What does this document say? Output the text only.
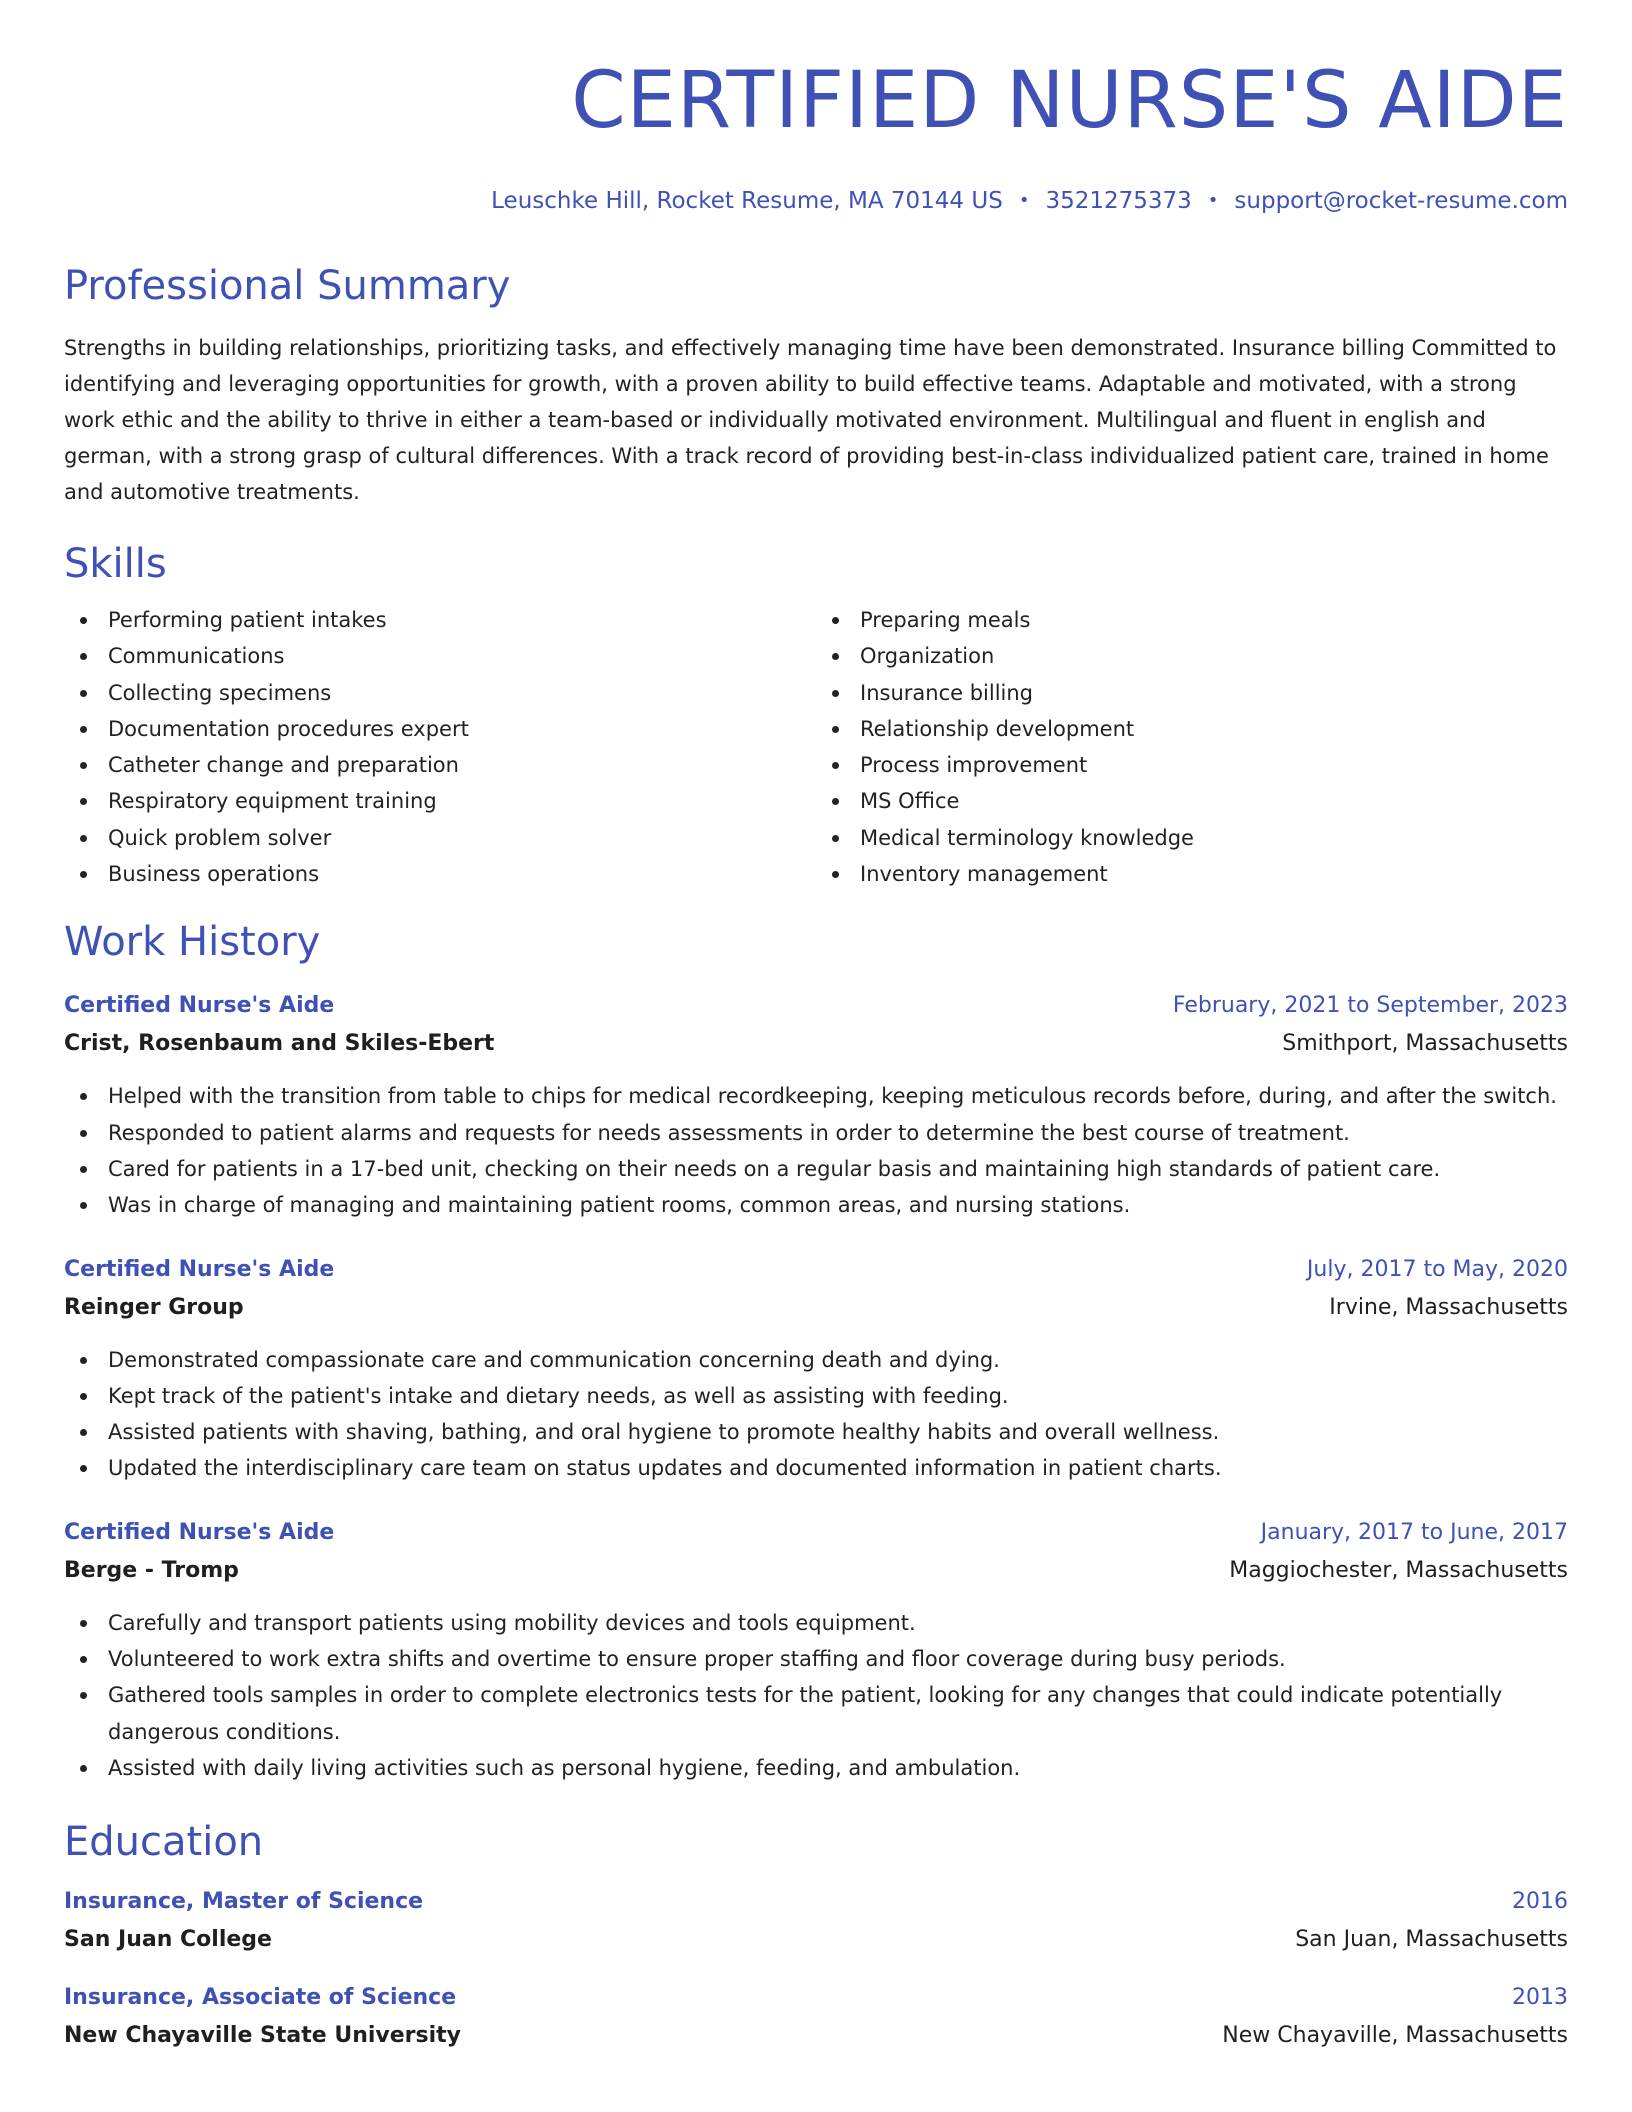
CERTIFIED NURSE'S AIDE
Leuschke Hill, Rocket Resume, MA 70144 US • 3521275373 • support@rocket-resume.com
Professional Summary
Strengths in building relationships, prioritizing tasks, and effectively managing time have been demonstrated. Insurance billing Committed to identifying and leveraging opportunities for growth, with a proven ability to build effective teams. Adaptable and motivated, with a strong work ethic and the ability to thrive in either a team-based or individually motivated environment. Multilingual and fluent in english and german, with a strong grasp of cultural differences. With a track record of providing best-in-class individualized patient care, trained in home and automotive treatments.
Skills
Performing patient intakes
Communications
Collecting specimens
Documentation procedures expert
Catheter change and preparation
Respiratory equipment training
Quick problem solver
Business operations
Preparing meals
Organization
Insurance billing
Relationship development
Process improvement
MS Office
Medical terminology knowledge
Inventory management
Work History
Certified Nurse's Aide	February, 2021 to September, 2023
Crist, Rosenbaum and Skiles-Ebert	Smithport, Massachusetts
Helped with the transition from table to chips for medical recordkeeping, keeping meticulous records before, during, and after the switch.
Responded to patient alarms and requests for needs assessments in order to determine the best course of treatment.
Cared for patients in a 17-bed unit, checking on their needs on a regular basis and maintaining high standards of patient care.
Was in charge of managing and maintaining patient rooms, common areas, and nursing stations.
Certified Nurse's Aide	July, 2017 to May, 2020
Reinger Group	Irvine, Massachusetts
Demonstrated compassionate care and communication concerning death and dying.
Kept track of the patient's intake and dietary needs, as well as assisting with feeding.
Assisted patients with shaving, bathing, and oral hygiene to promote healthy habits and overall wellness.
Updated the interdisciplinary care team on status updates and documented information in patient charts.
Certified Nurse's Aide	January, 2017 to June, 2017
Berge - Tromp	Maggiochester, Massachusetts
Carefully and transport patients using mobility devices and tools equipment.
Volunteered to work extra shifts and overtime to ensure proper staffing and floor coverage during busy periods.
Gathered tools samples in order to complete electronics tests for the patient, looking for any changes that could indicate potentially dangerous conditions.
Assisted with daily living activities such as personal hygiene, feeding, and ambulation.
Education
Insurance, Master of Science	2016
San Juan College	San Juan, Massachusetts
Insurance, Associate of Science	2013
New Chayaville State University	New Chayaville, Massachusetts
